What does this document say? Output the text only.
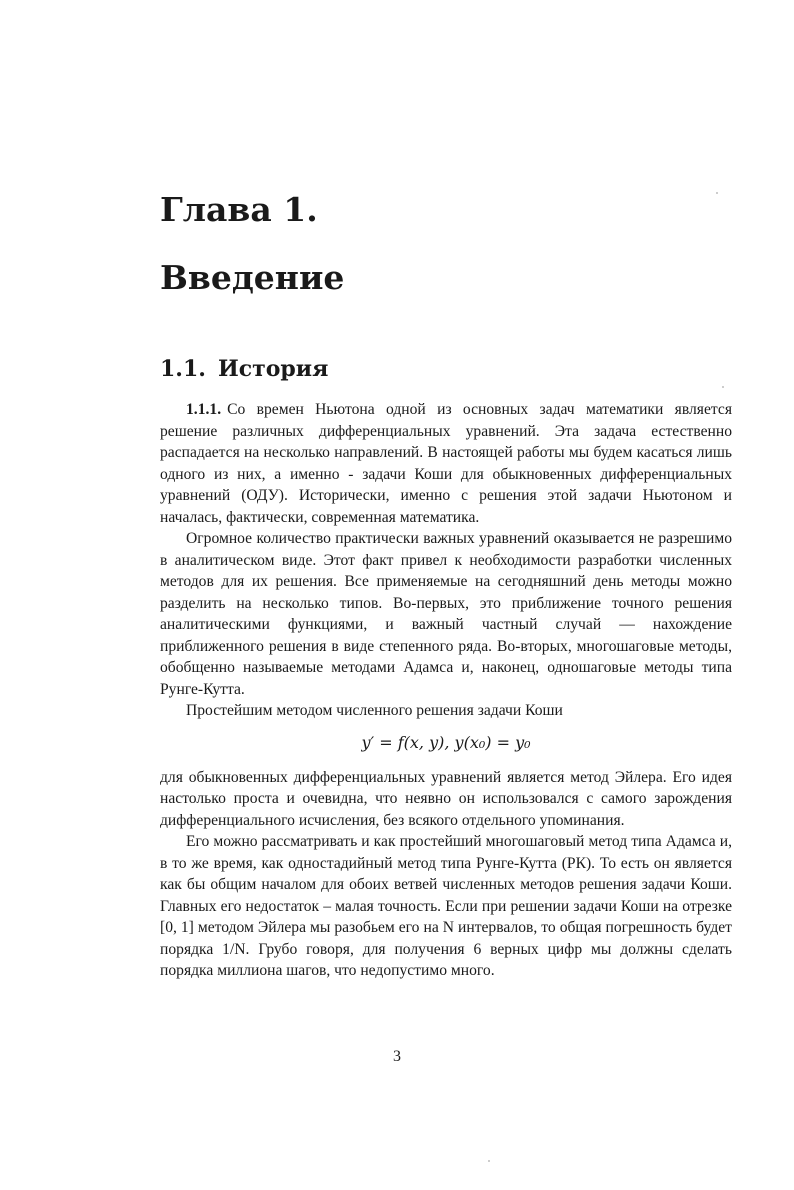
Глава 1.
Введение
1.1. История

1.1.1. Со времен Ньютона одной из основных задач математики является решение различных дифференциальных уравнений. Эта задача естественно распадается на несколько направлений. В настоящей работы мы будем касаться лишь одного из них, а именно - задачи Коши для обыкновенных дифференциальных уравнений (ОДУ). Исторически, именно с решения этой задачи Ньютоном и началась, фактически, современная математика.

Огромное количество практически важных уравнений оказывается не разрешимо в аналитическом виде. Этот факт привел к необходимости разработки численных методов для их решения. Все применяемые на сегодняшний день методы можно разделить на несколько типов. Во-первых, это приближение точного решения аналитическими функциями, и важный частный случай — нахождение приближенного решения в виде степенного ряда. Во-вторых, многошаговые методы, обобщенно называемые методами Адамса и, наконец, одношаговые методы типа Рунге-Кутта.

Простейшим методом численного решения задачи Коши

y′ = f(x, y), y(x₀) = y₀

для обыкновенных дифференциальных уравнений является метод Эйлера. Его идея настолько проста и очевидна, что неявно он использовался с самого зарождения дифференциального исчисления, без всякого отдельного упоминания.

Его можно рассматривать и как простейший многошаговый метод типа Адамса и, в то же время, как одностадийный метод типа Рунге-Кутта (РК). То есть он является как бы общим началом для обоих ветвей численных методов решения задачи Коши. Главных его недостаток – малая точность. Если при решении задачи Коши на отрезке [0, 1] методом Эйлера мы разобьем его на N интервалов, то общая погрешность будет порядка 1/N. Грубо говоря, для получения 6 верных цифр мы должны сделать порядка миллиона шагов, что недопустимо много.

3
